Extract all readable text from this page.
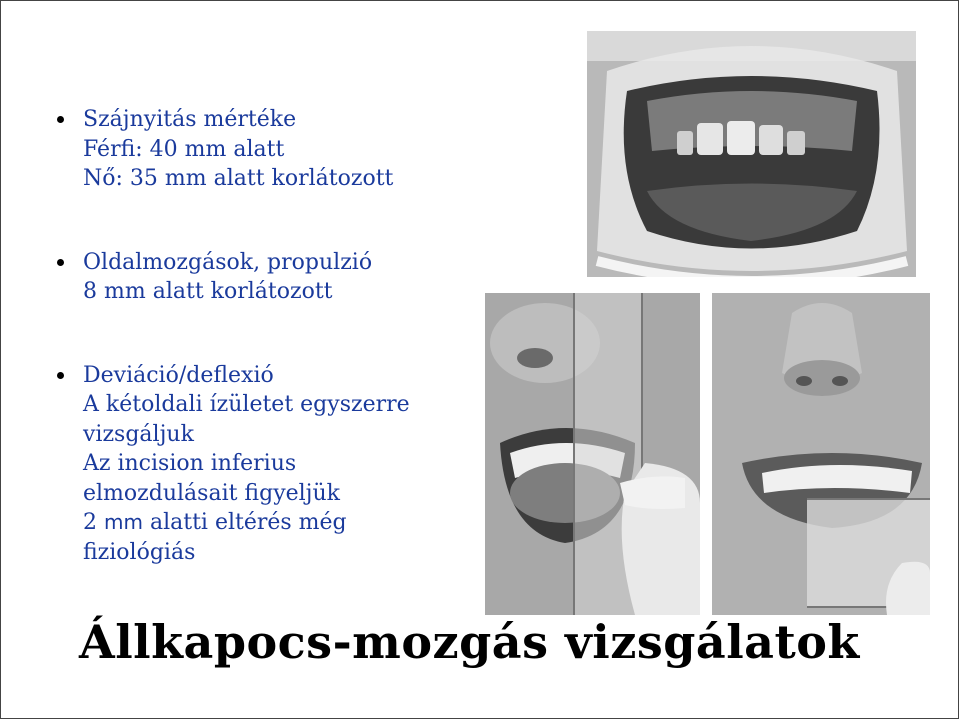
Szájnyitás mértéke
Férfi: 40 mm alatt
Nő: 35 mm alatt korlátozott
Oldalmozgások, propulzió
8 mm alatt korlátozott
Deviáció/deflexió
A kétoldali ízületet egyszerre
vizsgáljuk
Az incision inferius
elmozdulásait figyeljük
2 mm alatti eltérés még
fiziológiás
Állkapocs-mozgás vizsgálatok
